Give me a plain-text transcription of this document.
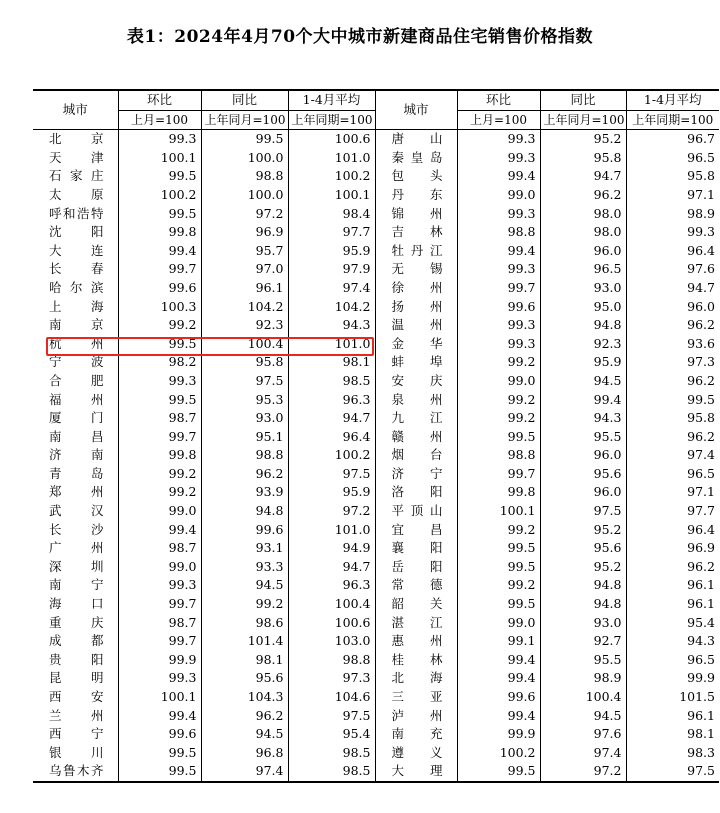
表1：2024年4月70个大中城市新建商品住宅销售价格指数
城市	环比	同比	1-4月平均	城市	环比	同比	1-4月平均
	上月=100	上年同月=100	上年同期=100		上月=100	上年同月=100	上年同期=100
北 京	99.3	99.5	100.6	唐 山	99.3	95.2	96.7
天 津	100.1	100.0	101.0	秦皇岛	99.3	95.8	96.5
石家庄	99.5	98.8	100.2	包 头	99.4	94.7	95.8
太 原	100.2	100.0	100.1	丹 东	99.0	96.2	97.1
呼和浩特	99.5	97.2	98.4	锦 州	99.3	98.0	98.9
沈 阳	99.8	96.9	97.7	吉 林	98.8	98.0	99.3
大 连	99.4	95.7	95.9	牡丹江	99.4	96.0	96.4
长 春	99.7	97.0	97.9	无 锡	99.3	96.5	97.6
哈尔滨	99.6	96.1	97.4	徐 州	99.7	93.0	94.7
上 海	100.3	104.2	104.2	扬 州	99.6	95.0	96.0
南 京	99.2	92.3	94.3	温 州	99.3	94.8	96.2
杭 州	99.5	100.4	101.0	金 华	99.3	92.3	93.6
宁 波	98.2	95.8	98.1	蚌 埠	99.2	95.9	97.3
合 肥	99.3	97.5	98.5	安 庆	99.0	94.5	96.2
福 州	99.5	95.3	96.3	泉 州	99.2	99.4	99.5
厦 门	98.7	93.0	94.7	九 江	99.2	94.3	95.8
南 昌	99.7	95.1	96.4	赣 州	99.5	95.5	96.2
济 南	99.8	98.8	100.2	烟 台	98.8	96.0	97.4
青 岛	99.2	96.2	97.5	济 宁	99.7	95.6	96.5
郑 州	99.2	93.9	95.9	洛 阳	99.8	96.0	97.1
武 汉	99.0	94.8	97.2	平顶山	100.1	97.5	97.7
长 沙	99.4	99.6	101.0	宜 昌	99.2	95.2	96.4
广 州	98.7	93.1	94.9	襄 阳	99.5	95.6	96.9
深 圳	99.0	93.3	94.7	岳 阳	99.5	95.2	96.2
南 宁	99.3	94.5	96.3	常 德	99.2	94.8	96.1
海 口	99.7	99.2	100.4	韶 关	99.5	94.8	96.1
重 庆	98.7	98.6	100.6	湛 江	99.0	93.0	95.4
成 都	99.7	101.4	103.0	惠 州	99.1	92.7	94.3
贵 阳	99.9	98.1	98.8	桂 林	99.4	95.5	96.5
昆 明	99.3	95.6	97.3	北 海	99.4	98.9	99.9
西 安	100.1	104.3	104.6	三 亚	99.6	100.4	101.5
兰 州	99.4	96.2	97.5	泸 州	99.4	94.5	96.1
西 宁	99.6	94.5	95.4	南 充	99.9	97.6	98.1
银 川	99.5	96.8	98.5	遵 义	100.2	97.4	98.3
乌鲁木齐	99.5	97.4	98.5	大 理	99.5	97.2	97.5
